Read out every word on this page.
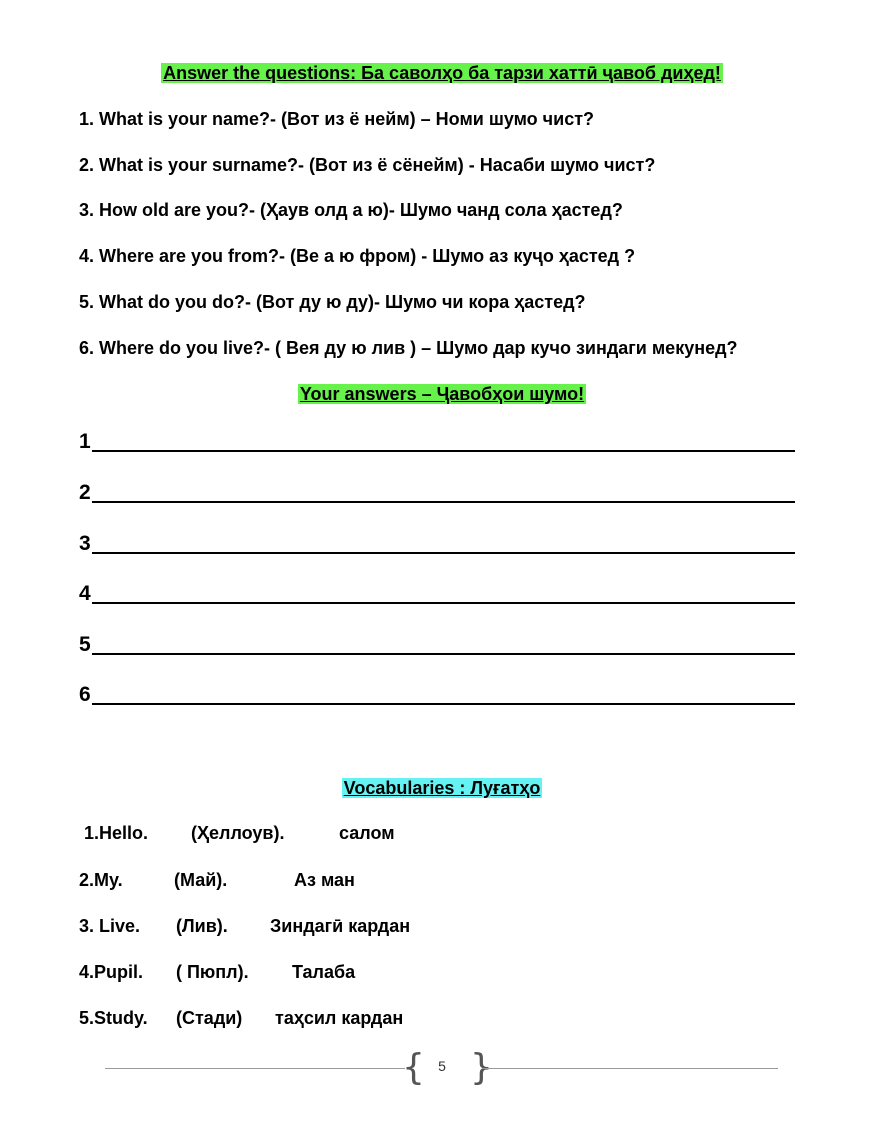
Answer the questions: Ба саволҳо ба тарзи хаттӣ ҷавоб диҳед!
1. What is your name?- (Вот из ё нейм) – Номи шумо чист?
2. What is your surname?- (Вот из ё сёнейм) - Насаби шумо чист?
3. How old are you?- (Ҳаув олд а ю)- Шумо чанд сола ҳастед?
4. Where are you from?- (Ве а ю фром) - Шумо аз куҷо ҳастед ?
5. What do you do?- (Вот ду ю ду)- Шумо чи кора ҳастед?
6. Where do you live?- ( Вея ду ю лив ) – Шумо дар кучо зиндаги мекунед?
Your answers – Ҷавобҳои шумо!
1
2
3
4
5
6
Vocabularies : Луғатҳо
1.Hello. (Ҳеллоув).	салом
2.My.	(Май).	Аз ман
3. Live. (Лив). Зиндагӣ кардан
4.Pupil. ( Пюпл). Талаба
5.Study. (Стади) таҳсил кардан
{ 5 }
